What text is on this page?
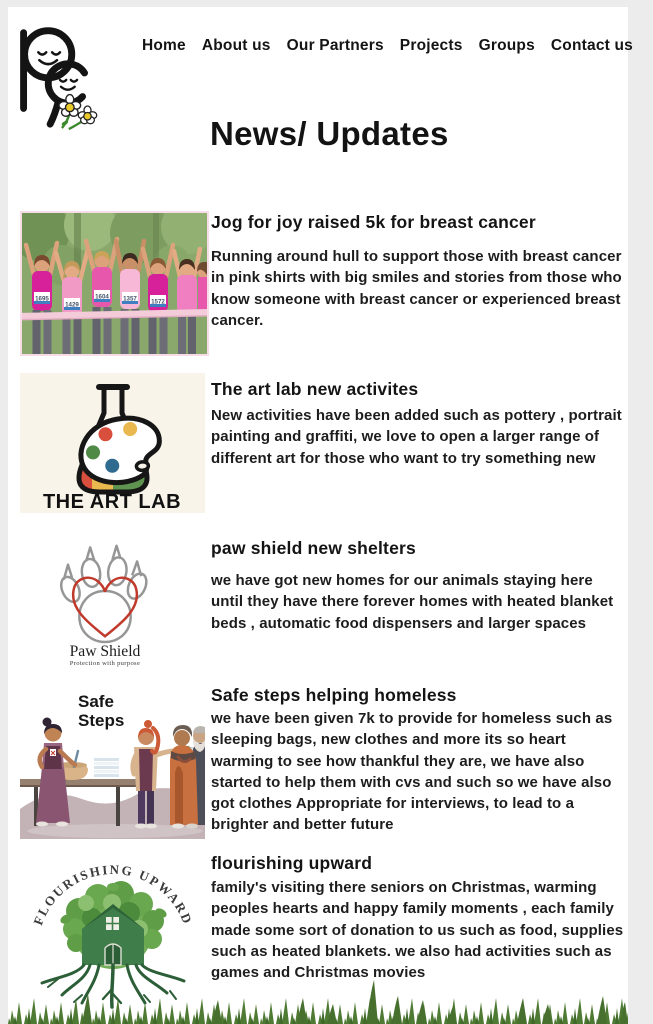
Home About us Our Partners Projects Groups Contact us
News/ Updates
1695
1429
1604 1357 1572
Jog for joy raised 5k for breast cancer

Running around hull to support those with breast cancer in pink shirts with big smiles and stories from those who know someone with breast cancer or experienced breast cancer.

THE ART LAB
The art lab new activites

New activities have been added such as pottery , portrait painting and graffiti, we love to open a larger range of different art for those who want to try something new

Paw Shield
Protection with purpose
paw shield new shelters

we have got new homes for our animals staying here until they have there forever homes with heated blanket beds , automatic food dispensers and larger spaces

Safe
Steps
Safe steps helping homeless

we have been given 7k to provide for homeless such as sleeping bags, new clothes and more its so heart warming to see how thankful they are, we have also started to help them with cvs and such so we have also got clothes Appropriate for interviews, to lead to a brighter and better future

FLOURISHING UPWARD
flourishing upward

family's visiting there seniors on Christmas, warming peoples hearts and happy family moments , each family made some sort of donation to us such as food, supplies such as heated blankets. we also had activities such as games and Christmas movies
